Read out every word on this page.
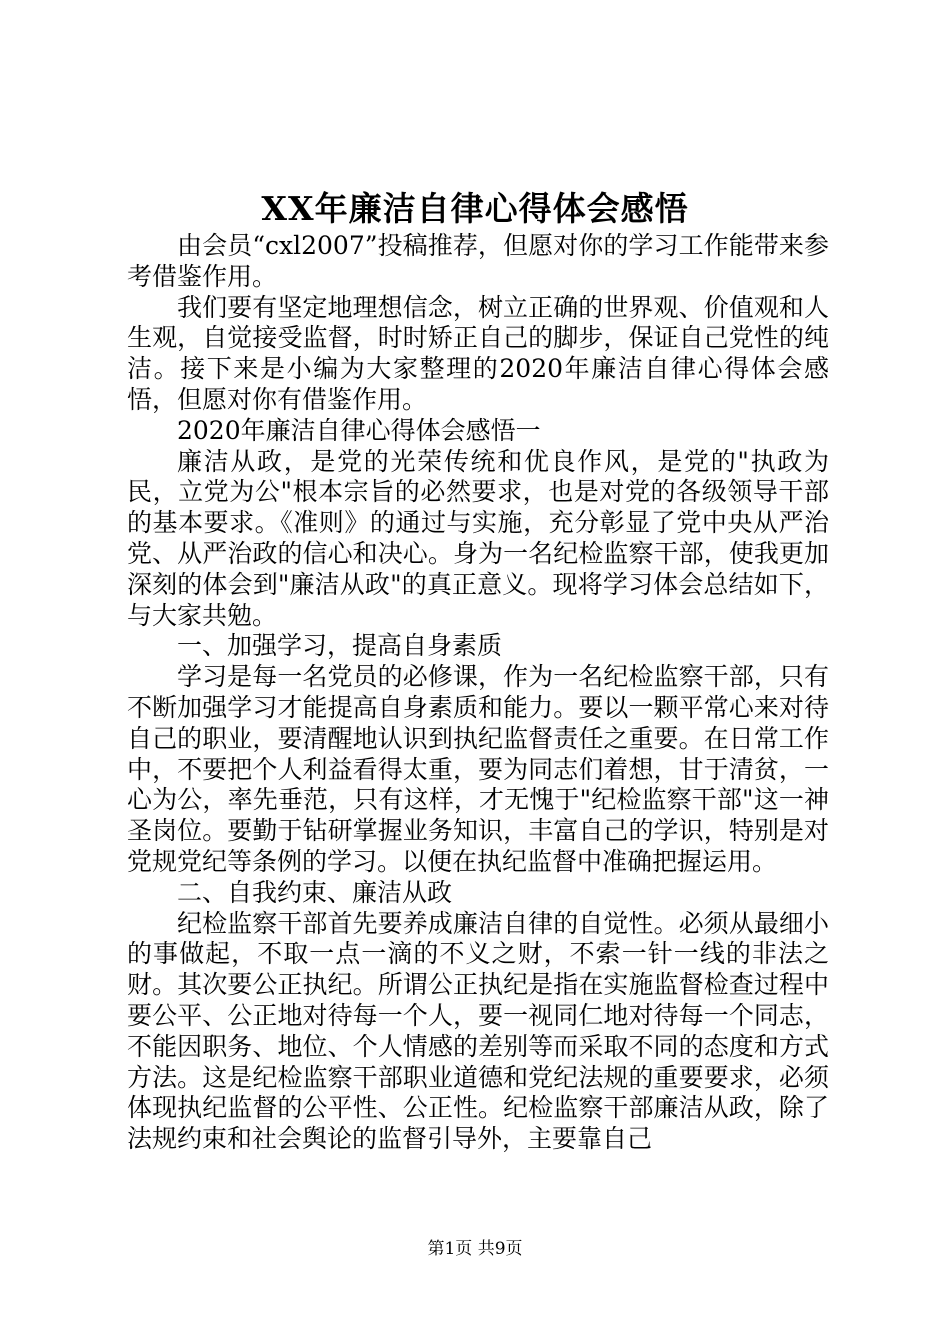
XX年廉洁自律心得体会感悟

由会员“cxl2007”投稿推荐，但愿对你的学习工作能带来参考借鉴作用。

我们要有坚定地理想信念，树立正确的世界观、价值观和人生观，自觉接受监督，时时矫正自己的脚步，保证自己党性的纯洁。接下来是小编为大家整理的2020年廉洁自律心得体会感悟，但愿对你有借鉴作用。

2020年廉洁自律心得体会感悟一

廉洁从政，是党的光荣传统和优良作风，是党的"执政为民，立党为公"根本宗旨的必然要求，也是对党的各级领导干部的基本要求。《准则》的通过与实施，充分彰显了党中央从严治党、从严治政的信心和决心。身为一名纪检监察干部，使我更加深刻的体会到"廉洁从政"的真正意义。现将学习体会总结如下，与大家共勉。

一、加强学习，提高自身素质

学习是每一名党员的必修课，作为一名纪检监察干部，只有不断加强学习才能提高自身素质和能力。要以一颗平常心来对待自己的职业，要清醒地认识到执纪监督责任之重要。在日常工作中，不要把个人利益看得太重，要为同志们着想，甘于清贫，一心为公，率先垂范，只有这样，才无愧于"纪检监察干部"这一神圣岗位。要勤于钻研掌握业务知识，丰富自己的学识，特别是对党规党纪等条例的学习。以便在执纪监督中准确把握运用。

二、自我约束、廉洁从政

纪检监察干部首先要养成廉洁自律的自觉性。必须从最细小的事做起，不取一点一滴的不义之财，不索一针一线的非法之财。其次要公正执纪。所谓公正执纪是指在实施监督检查过程中要公平、公正地对待每一个人，要一视同仁地对待每一个同志，不能因职务、地位、个人情感的差别等而采取不同的态度和方式方法。这是纪检监察干部职业道德和党纪法规的重要要求，必须体现执纪监督的公平性、公正性。纪检监察干部廉洁从政，除了法规约束和社会舆论的监督引导外，主要靠自己

第1页 共9页
